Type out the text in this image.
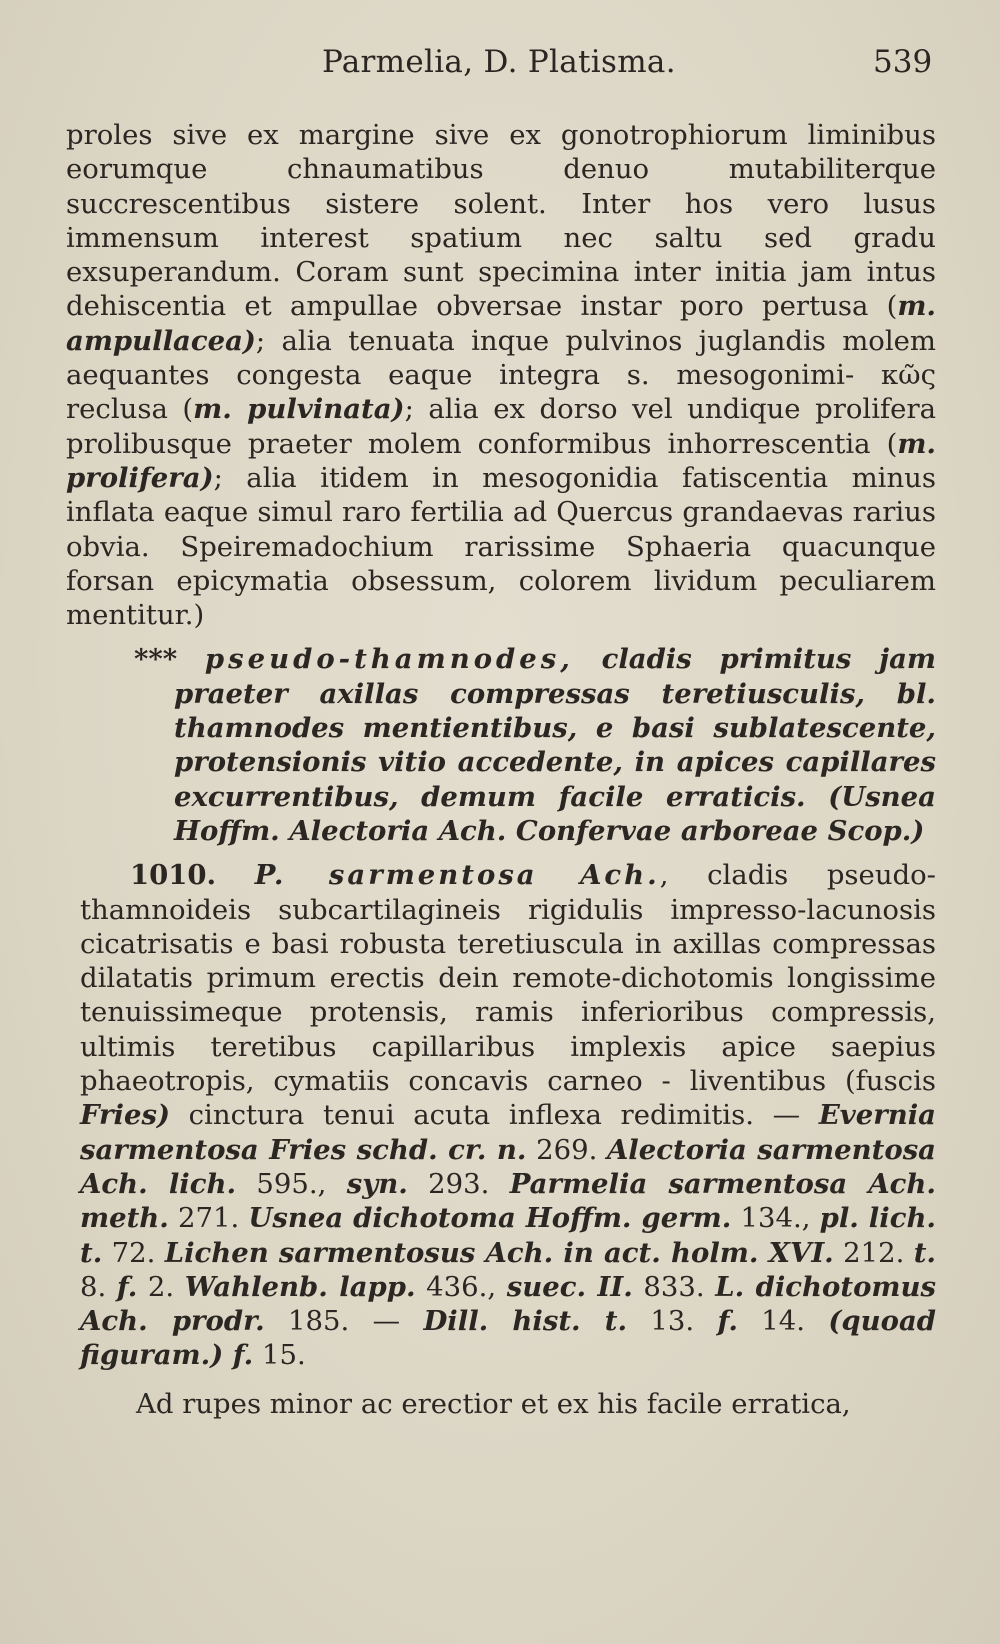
Parmelia, D. Platisma.	539

proles sive ex margine sive ex gonotrophiorum liminibus eorumque chnaumatibus denuo mutabiliterque succrescentibus sistere solent. Inter hos vero lusus immensum interest spatium nec saltu sed gradu exsuperandum. Coram sunt specimina inter initia jam intus dehiscentia et ampullae obversae instar poro pertusa (m. ampullacea); alia tenuata inque pulvinos juglandis molem aequantes congesta eaque integra s. mesogonimi- κῶς reclusa (m. pulvinata); alia ex dorso vel undique prolifera prolibusque praeter molem conformibus inhorrescentia (m. prolifera); alia itidem in mesogonidia fatiscentia minus inflata eaque simul raro fertilia ad Quercus grandaevas rarius obvia. Speiremadochium rarissime Sphaeria quacunque forsan epicymatia obsessum, colorem lividum peculiarem mentitur.)

*** pseudo-thamnodes, cladis primitus jam praeter axillas compressas teretiusculis, bl. thamnodes mentientibus, e basi sublatescente, protensionis vitio accedente, in apices capillares excurrentibus, demum facile erraticis. (Usnea Hoffm. Alectoria Ach. Confervae arboreae Scop.)

1010. P. sarmentosa Ach., cladis pseudo-thamnoideis subcartilagineis rigidulis impresso-lacunosis cicatrisatis e basi robusta teretiuscula in axillas compressas dilatatis primum erectis dein remote-dichotomis longissime tenuissimeque protensis, ramis inferioribus compressis, ultimis teretibus capillaribus implexis apice saepius phaeotropis, cymatiis concavis carneo - liventibus (fuscis Fries) cinctura tenui acuta inflexa redimitis. — Evernia sarmentosa Fries schd. cr. n. 269. Alectoria sarmentosa Ach. lich. 595., syn. 293. Parmelia sarmentosa Ach. meth. 271. Usnea dichotoma Hoffm. germ. 134., pl. lich. t. 72. Lichen sarmentosus Ach. in act. holm. XVI. 212. t. 8. f. 2. Wahlenb. lapp. 436., suec. II. 833. L. dichotomus Ach. prodr. 185. — Dill. hist. t. 13. f. 14. (quoad figuram.) f. 15.

Ad rupes minor ac erectior et ex his facile erratica,
